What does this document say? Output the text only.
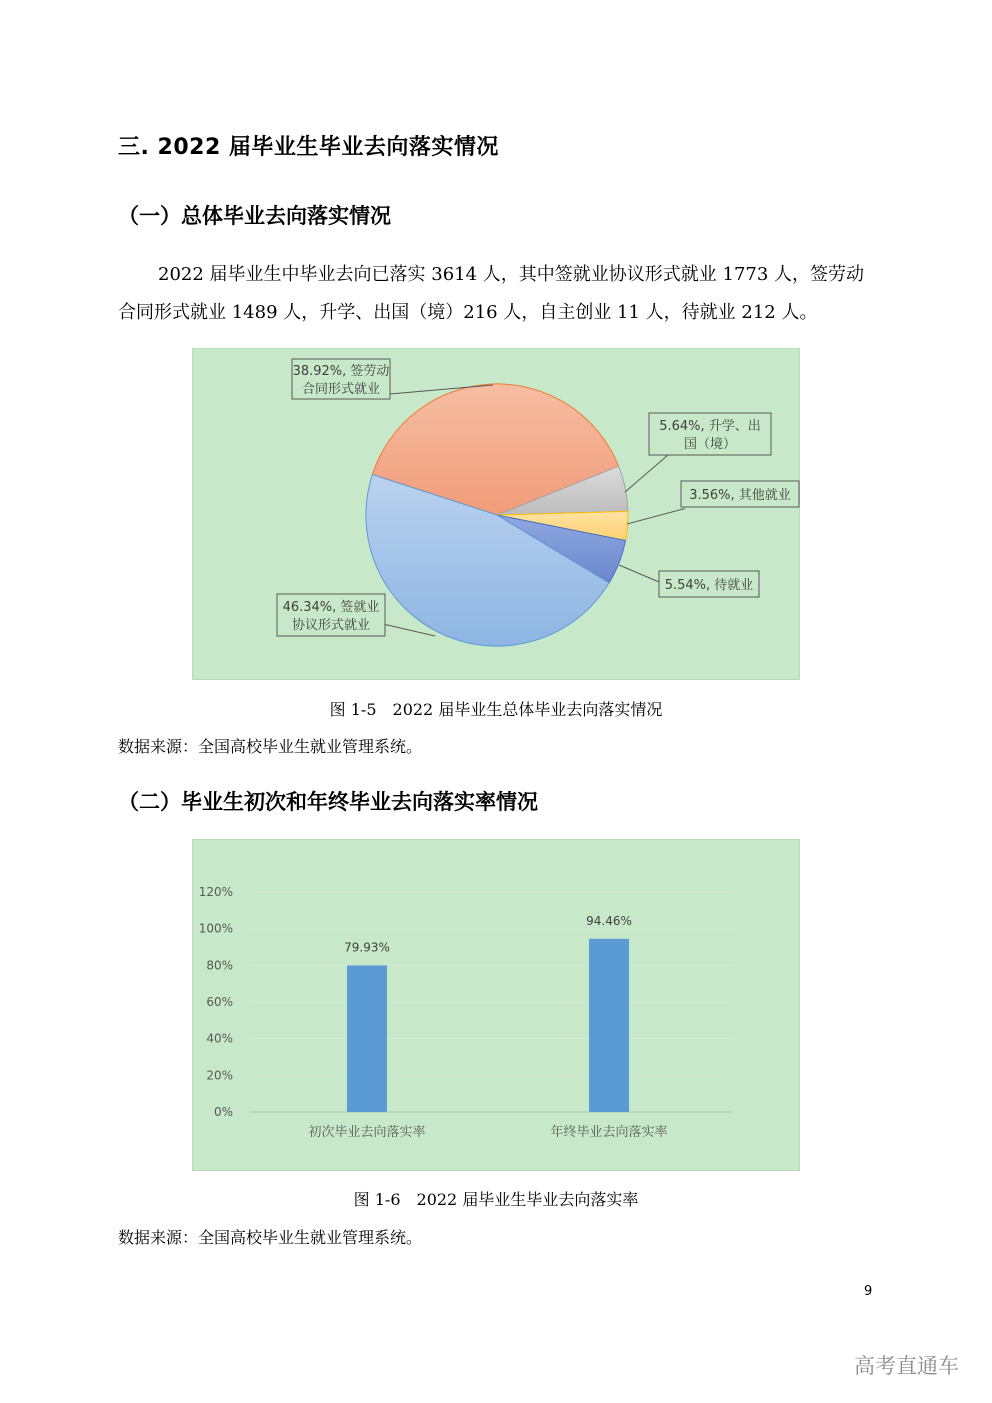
三. 2022 届毕业生毕业去向落实情况
（一）总体毕业去向落实情况
2022 届毕业生中毕业去向已落实 3614 人，其中签就业协议形式就业 1773 人，签劳动合同形式就业 1489 人，升学、出国（境）216 人，自主创业 11 人，待就业 212 人。
38.92%, 签劳动
合同形式就业
5.64%, 升学、出
国（境）
3.56%, 其他就业
5.54%, 待就业
46.34%, 签就业
协议形式就业
图 1-5　2022 届毕业生总体毕业去向落实情况
数据来源：全国高校毕业生就业管理系统。
（二）毕业生初次和年终毕业去向落实率情况
120%
100%
80%
60%
40%
20%
0%
79.93%
94.46%
初次毕业去向落实率	年终毕业去向落实率
图 1-6　2022 届毕业生毕业去向落实率
数据来源：全国高校毕业生就业管理系统。
9
高考直通车
